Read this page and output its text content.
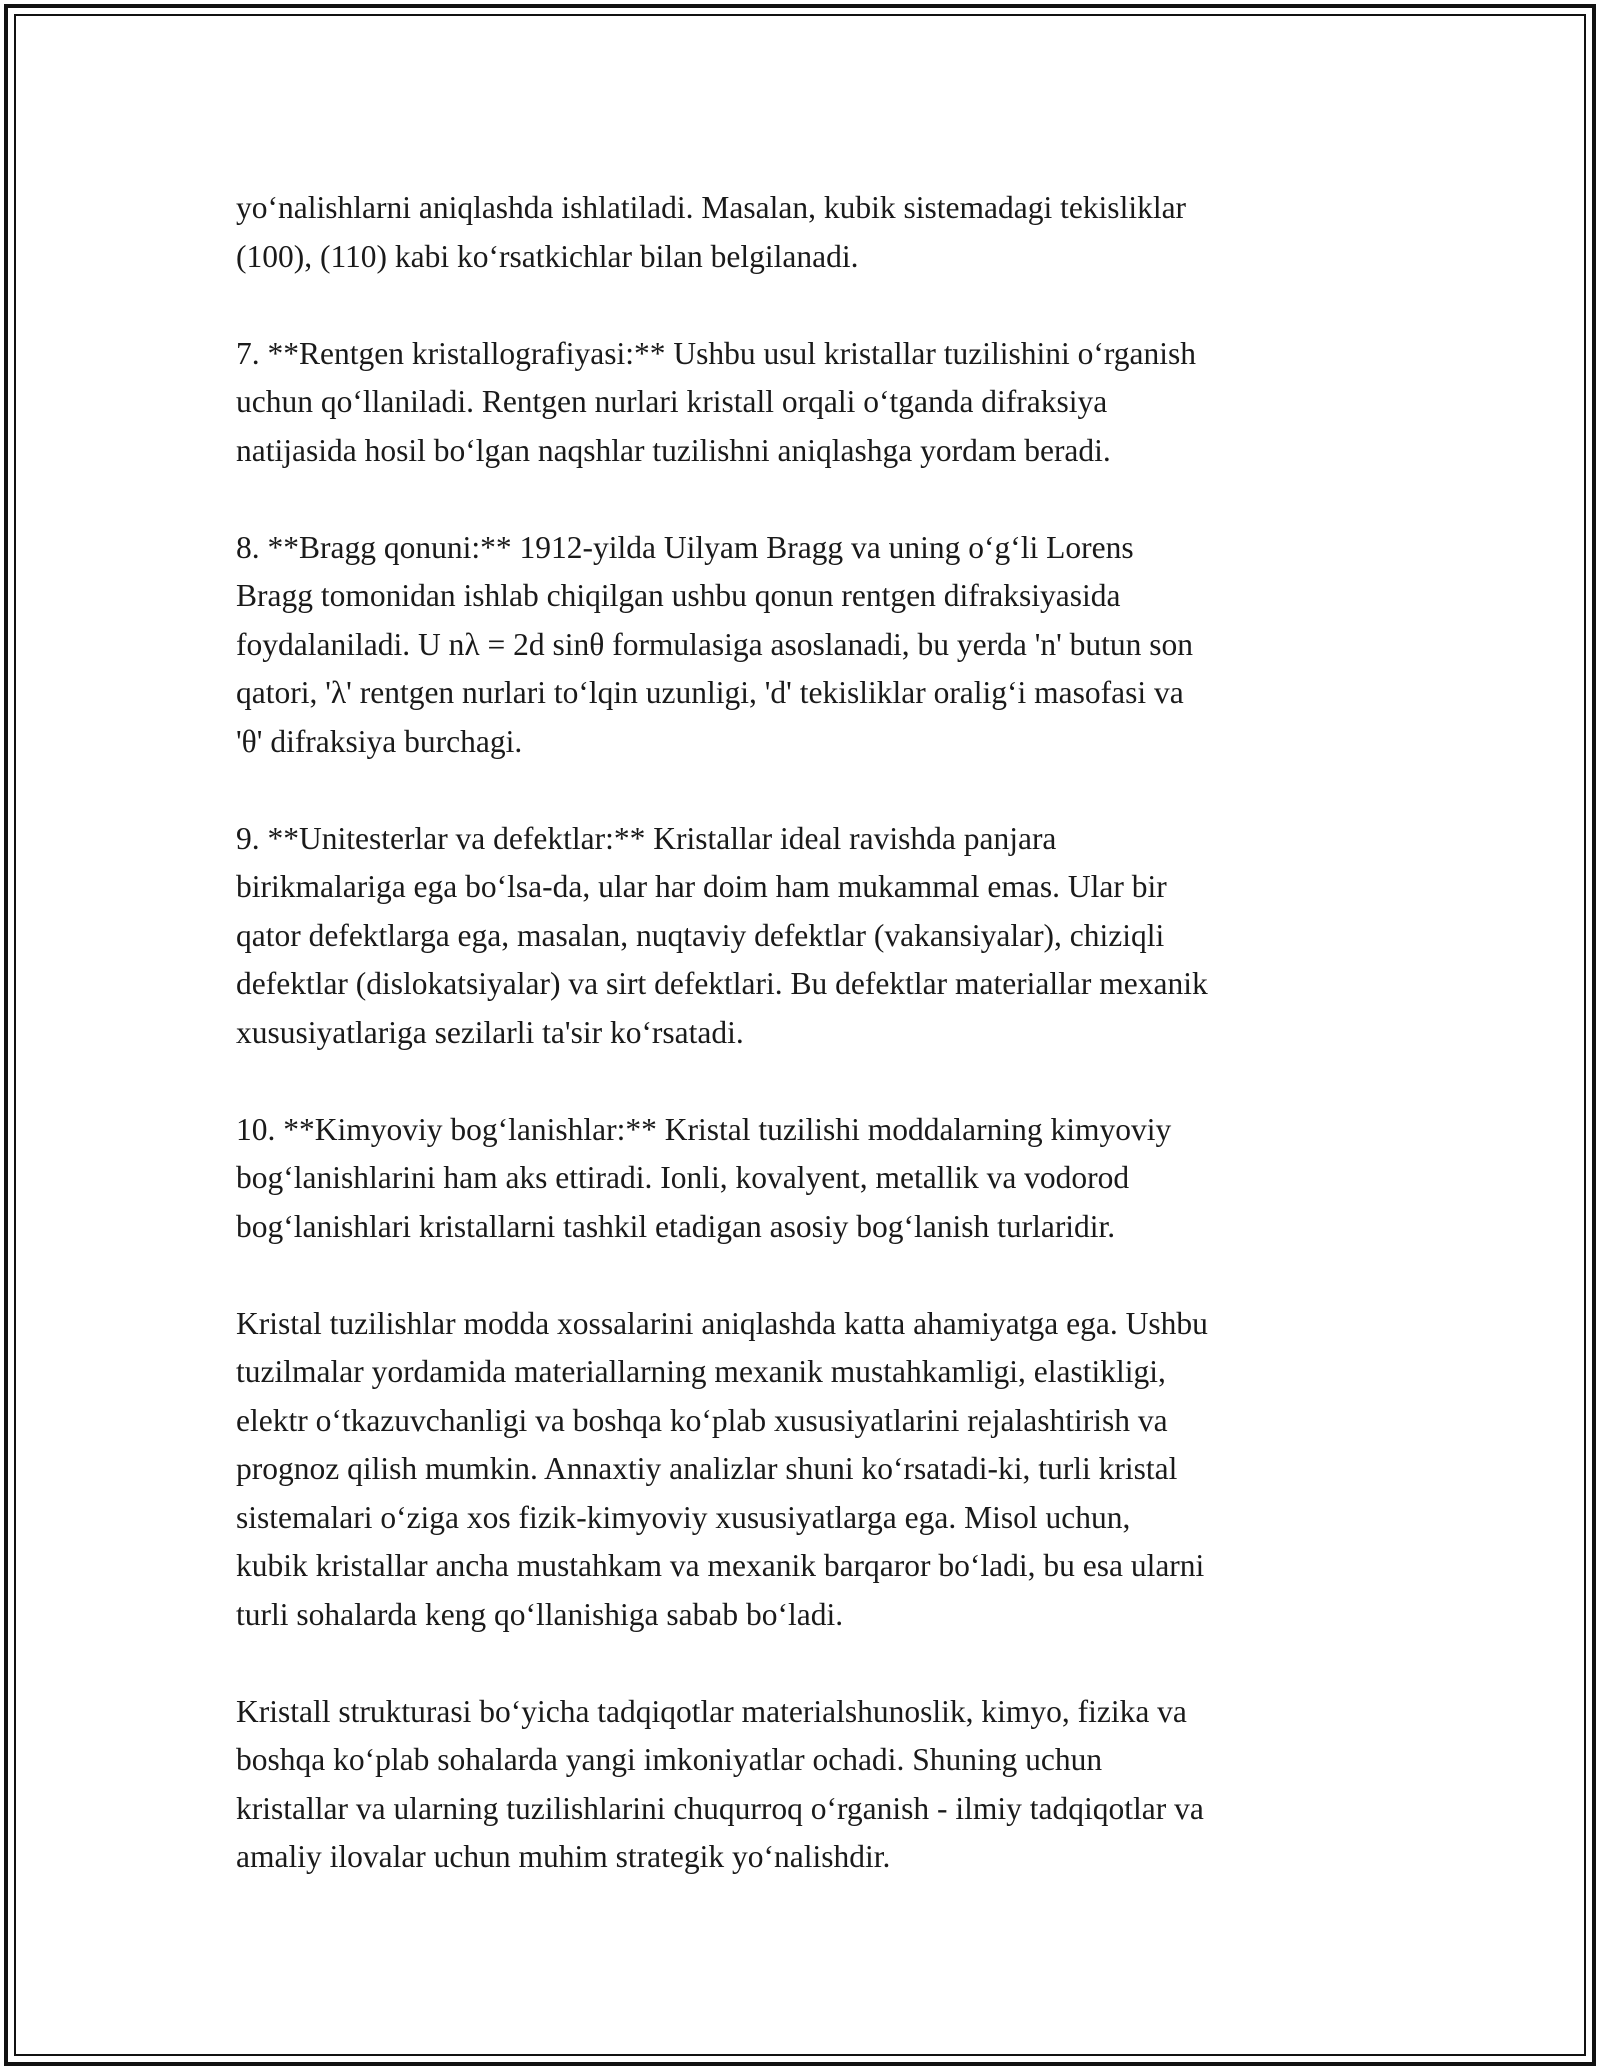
yo‘nalishlarni aniqlashda ishlatiladi. Masalan, kubik sistemadagi tekisliklar
(100), (110) kabi ko‘rsatkichlar bilan belgilanadi.

7. **Rentgen kristallografiyasi:** Ushbu usul kristallar tuzilishini o‘rganish
uchun qo‘llaniladi. Rentgen nurlari kristall orqali o‘tganda difraksiya
natijasida hosil bo‘lgan naqshlar tuzilishni aniqlashga yordam beradi.

8. **Bragg qonuni:** 1912-yilda Uilyam Bragg va uning o‘g‘li Lorens
Bragg tomonidan ishlab chiqilgan ushbu qonun rentgen difraksiyasida
foydalaniladi. U nλ = 2d sinθ formulasiga asoslanadi, bu yerda 'n' butun son
qatori, 'λ' rentgen nurlari to‘lqin uzunligi, 'd' tekisliklar oralig‘i masofasi va
'θ' difraksiya burchagi.

9. **Unitesterlar va defektlar:** Kristallar ideal ravishda panjara
birikmalariga ega bo‘lsa-da, ular har doim ham mukammal emas. Ular bir
qator defektlarga ega, masalan, nuqtaviy defektlar (vakansiyalar), chiziqli
defektlar (dislokatsiyalar) va sirt defektlari. Bu defektlar materiallar mexanik
xususiyatlariga sezilarli ta'sir ko‘rsatadi.

10. **Kimyoviy bog‘lanishlar:** Kristal tuzilishi moddalarning kimyoviy
bog‘lanishlarini ham aks ettiradi. Ionli, kovalyent, metallik va vodorod
bog‘lanishlari kristallarni tashkil etadigan asosiy bog‘lanish turlaridir.

Kristal tuzilishlar modda xossalarini aniqlashda katta ahamiyatga ega. Ushbu
tuzilmalar yordamida materiallarning mexanik mustahkamligi, elastikligi,
elektr o‘tkazuvchanligi va boshqa ko‘plab xususiyatlarini rejalashtirish va
prognoz qilish mumkin. Annaxtiy analizlar shuni ko‘rsatadi-ki, turli kristal
sistemalari o‘ziga xos fizik-kimyoviy xususiyatlarga ega. Misol uchun,
kubik kristallar ancha mustahkam va mexanik barqaror bo‘ladi, bu esa ularni
turli sohalarda keng qo‘llanishiga sabab bo‘ladi.

Kristall strukturasi bo‘yicha tadqiqotlar materialshunoslik, kimyo, fizika va
boshqa ko‘plab sohalarda yangi imkoniyatlar ochadi. Shuning uchun
kristallar va ularning tuzilishlarini chuqurroq o‘rganish - ilmiy tadqiqotlar va
amaliy ilovalar uchun muhim strategik yo‘nalishdir.
